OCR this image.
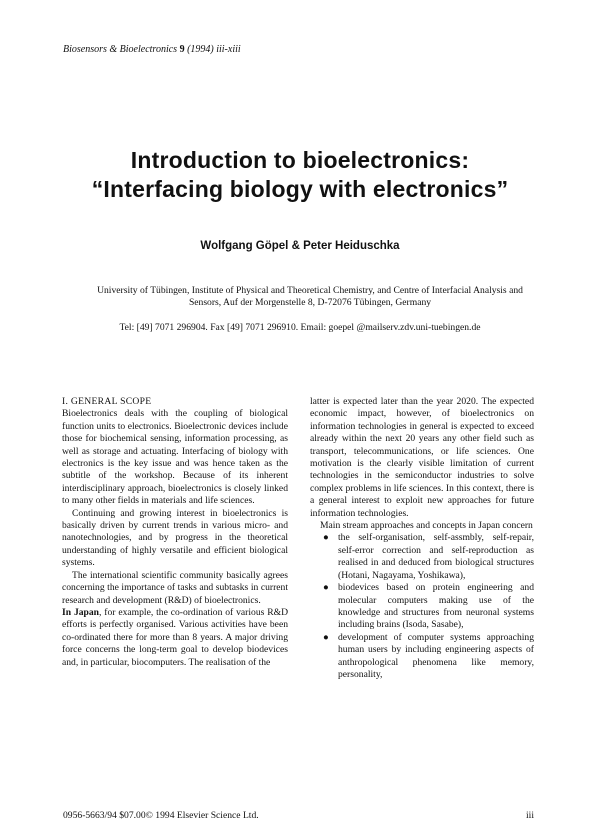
Biosensors & Bioelectronics 9 (1994) iii-xiii
Introduction to bioelectronics:
“Interfacing biology with electronics”
Wolfgang Göpel & Peter Heiduschka
University of Tübingen, Institute of Physical and Theoretical Chemistry, and Centre of Interfacial Analysis and Sensors, Auf der Morgenstelle 8, D-72076 Tübingen, Germany
Tel: [49] 7071 296904. Fax [49] 7071 296910. Email: goepel @mailserv.zdv.uni-tuebingen.de

I. GENERAL SCOPE

Bioelectronics deals with the coupling of biological function units to electronics. Bioelectronic devices include those for biochemical sensing, information processing, as well as storage and actuating. Interfacing of biology with electronics is the key issue and was hence taken as the subtitle of the workshop. Because of its inherent interdisciplinary approach, bioelectronics is closely linked to many other fields in materials and life sciences.

Continuing and growing interest in bioelectronics is basically driven by current trends in various micro- and nanotechnologies, and by progress in the theoretical understanding of highly versatile and efficient biological systems.

The international scientific community basically agrees concerning the importance of tasks and subtasks in current research and development (R&D) of bioelectronics.

In Japan, for example, the co-ordination of various R&D efforts is perfectly organised. Various activities have been co-ordinated there for more than 8 years. A major driving force concerns the long-term goal to develop biodevices and, in particular, biocomputers. The realisation of the

latter is expected later than the year 2020. The expected economic impact, however, of bioelectronics on information technologies in general is expected to exceed already within the next 20 years any other field such as transport, telecommunications, or life sciences. One motivation is the clearly visible limitation of current technologies in the semiconductor industries to solve complex problems in life sciences. In this context, there is a general interest to exploit new approaches for future information technologies.

Main stream approaches and concepts in Japan concern

● the self-organisation, self-assmbly, self-repair, self-error correction and self-reproduction as realised in and deduced from biological structures (Hotani, Nagayama, Yoshikawa),
● biodevices based on protein engineering and molecular computers making use of the knowledge and structures from neuronal systems including brains (Isoda, Sasabe),
● development of computer systems approaching human users by including engineering aspects of anthropological phenomena like memory, personality,
0956-5663/94 $07.00© 1994 Elsevier Science Ltd.	iii
